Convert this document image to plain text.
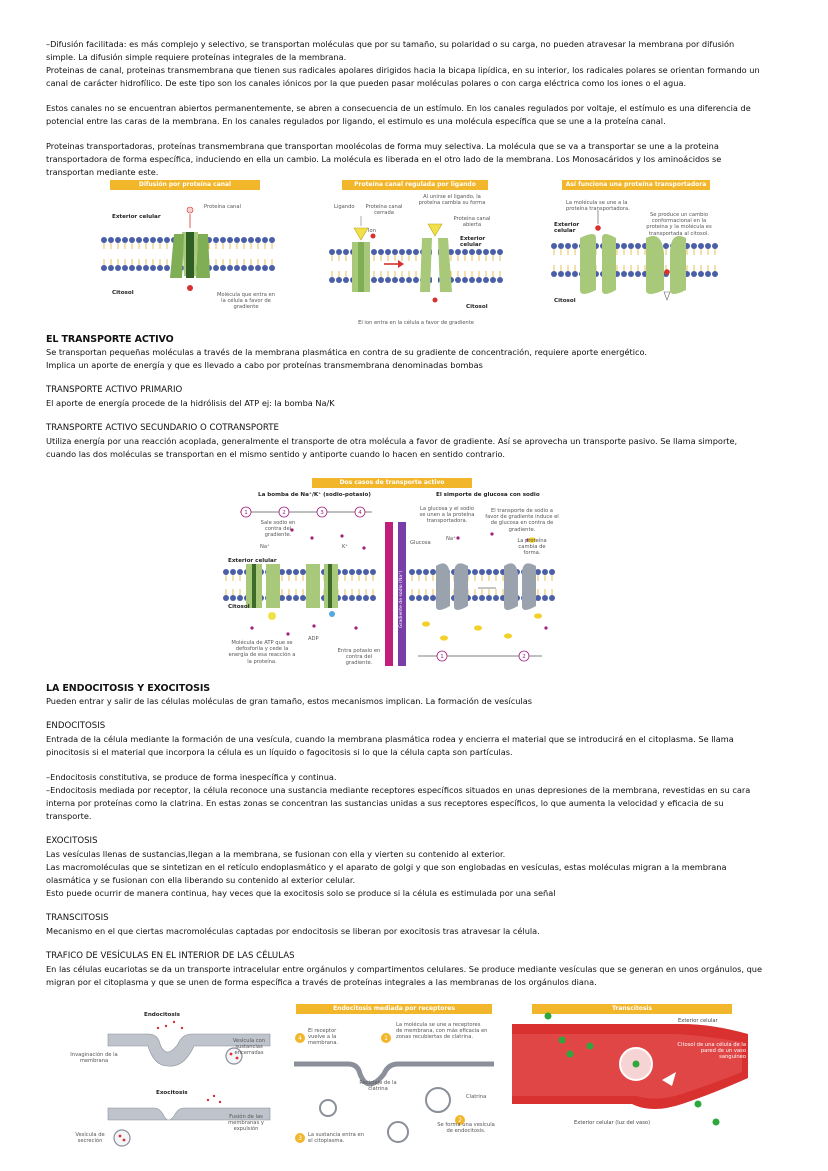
–Difusión facilitada: es más complejo y selectivo, se transportan moléculas que por su tamaño, su polaridad o su carga, no pueden atravesar la membrana por difusión simple. La difusión simple requiere proteínas integrales de la membrana.

Proteinas de canal, proteinas transmembrana que tienen sus radicales apolares dirigidos hacia la bicapa lipídica, en su interior, los radicales polares se orientan formando un canal de carácter hidrofílico. De este tipo son los canales iónicos por la que pueden pasar moléculas polares o con carga eléctrica como los iones o el agua.

Estos canales no se encuentran abiertos permanentemente, se abren a consecuencia de un estímulo. En los canales regulados por voltaje, el estímulo es una diferencia de potencial entre las caras de la membrana. En los canales regulados por ligando, el estimulo es una molécula específica que se une a la proteína canal.

Proteinas transportadoras, proteínas transmembrana que transportan moolécolas de forma muy selectiva. La molécula que se va a transportar se une a la proteina transportadora de forma específica, induciendo en ella un cambio. La molécula es liberada en el otro lado de la membrana. Los Monosacáridos y los aminoácidos se transportan mediante este.

Difusión por proteína canal
Proteína canal
Exterior celular
Citosol	Molécula que entra en la célula a favor de gradiente
Proteína canal regulada por ligando
Ligando Proteína canal cerrada
Al unirse el ligando, la proteína cambia su forma
Proteína canal abierta
Ion
Exterior celular
Citosol
El ion entra en la célula a favor de gradiente
Así funciona una proteína transportadora
La molécula se une a la proteína transportadora.
Se produce un cambio conformacional en la proteína y la molécula es transportada al citosol.
Exterior celular
Citosol

EL TRANSPORTE ACTIVO

Se transportan pequeñas moléculas a través de la membrana plasmática en contra de su gradiente de concentración, requiere aporte energético.

Implica un aporte de energía y que es llevado a cabo por proteínas transmembrana denominadas bombas

TRANSPORTE ACTIVO PRIMARIO

El aporte de energía procede de la hidrólisis del ATP ej: la bomba Na/K

TRANSPORTE ACTIVO SECUNDARIO O COTRANSPORTE

Utiliza energía por una reacción acoplada, generalmente el transporte de otra molécula a favor de gradiente. Así se aprovecha un transporte pasivo. Se llama simporte, cuando las dos moléculas se transportan en el mismo sentido y antiporte cuando lo hacen en sentido contrario.

Dos casos de transporte activo
La bomba de Na⁺/K⁺ (sodio-potasio)	El simporte de glucosa con sodio
1	2	3	4
1	2
Sale sodio en contra del gradiente.
Na⁺	K⁺
Exterior celular
Citosol
Molécula de ATP que se defosforila y cede la energía de esa reacción a la proteína.
ADP
Entra potasio en contra del gradiente.
Gradiente de potasio (K⁺)
La glucosa y el sodio se unen a la proteína transportadora.
Glucosa
Na⁺
El transporte de sodio a favor de gradiente induce el de glucosa en contra de gradiente.
La proteína cambia de forma.

LA ENDOCITOSIS Y EXOCITOSIS

Pueden entrar y salir de las células moléculas de gran tamaño, estos mecanismos implican. La formación de vesículas

ENDOCITOSIS

Entrada de la célula mediante la formación de una vesícula, cuando la membrana plasmática rodea y encierra el material que se introducirá en el citoplasma. Se llama pinocitosis si el material que incorpora la célula es un líquido o fagocitosis si lo que la célula capta son partículas.

–Endocitosis constitutiva, se produce de forma inespecífica y continua.

–Endocitosis mediada por receptor, la célula reconoce una sustancia mediante receptores específicos situados en unas depresiones de la membrana, revestidas en su cara interna por proteínas como la clatrina. En estas zonas se concentran las sustancias unidas a sus receptores específicos, lo que aumenta la velocidad y eficacia de su transporte.

EXOCITOSIS

Las vesículas llenas de sustancias,llegan a la membrana, se fusionan con ella y vierten su contenido al exterior.

Las macromoléculas que se sintetizan en el retículo endoplasmático y el aparato de golgi y que son englobadas en vesículas, estas moléculas migran a la membrana olasmática y se fusionan con ella liberando su contenido al exterior celular.

Esto puede ocurrir de manera continua, hay veces que la exocitosis solo se produce si la célula es estimulada por una señal

TRANSCITOSIS

Mecanismo en el que ciertas macromoléculas captadas por endocitosis se liberan por exocitosis tras atravesar la célula.

TRAFICO DE VESÍCULAS EN EL INTERIOR DE LAS CÉLULAS

En las células eucariotas se da un transporte intracelular entre orgánulos y compartimentos celulares. Se produce mediante vesículas que se generan en unos orgánulos, que migran por el citoplasma y que se unen de forma específica a través de proteínas integrales a las membranas de los orgánulos diana.

Endocitosis
Exocitosis
Invaginación de la membrana
Vesícula con sustancias encerradas
Fusión de las membranas y expulsión
Vesícula de secreción
Endocitosis mediada por receptores
4	1
2
3
El receptor vuelve a la membrana.
La molécula se une a receptores de membrana, con más eficacia en zonas recubiertas de clatrina.
Reciclaje de la clatrina
Clatrina
Se forma una vesícula de endocitosis.
La sustancia entra en el citoplasma.
Transcitosis
Exterior celular
Citosol de una célula de la pared de un vaso sanguíneo
Exterior celular (luz del vaso)
